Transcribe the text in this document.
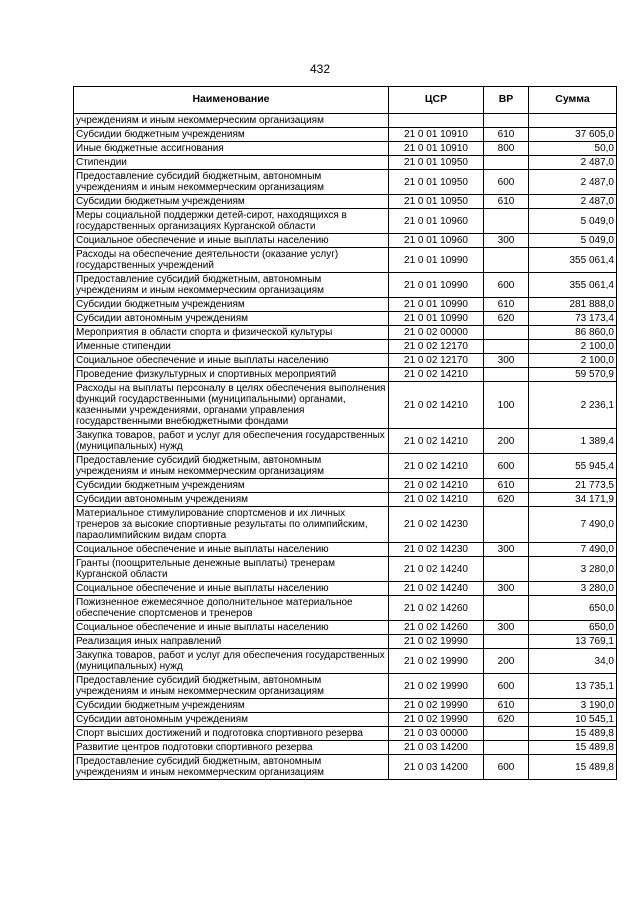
432
Наименование	ЦСР	ВР	Сумма
учреждениям и иным некоммерческим организациям			
Субсидии бюджетным учреждениям	21 0 01 10910	610	37 605,0
Иные бюджетные ассигнования	21 0 01 10910	800	50,0
Стипендии	21 0 01 10950		2 487,0
Предоставление субсидий бюджетным, автономным учреждениям и иным некоммерческим организациям	21 0 01 10950	600	2 487,0
Субсидии бюджетным учреждениям	21 0 01 10950	610	2 487,0
Меры социальной поддержки детей-сирот, находящихся в государственных организациях Курганской области	21 0 01 10960		5 049,0
Социальное обеспечение и иные выплаты населению	21 0 01 10960	300	5 049,0
Расходы на обеспечение деятельности (оказание услуг) государственных учреждений	21 0 01 10990		355 061,4
Предоставление субсидий бюджетным, автономным учреждениям и иным некоммерческим организациям	21 0 01 10990	600	355 061,4
Субсидии бюджетным учреждениям	21 0 01 10990	610	281 888,0
Субсидии автономным учреждениям	21 0 01 10990	620	73 173,4
Мероприятия в области спорта и физической культуры	21 0 02 00000		86 860,0
Именные стипендии	21 0 02 12170		2 100,0
Социальное обеспечение и иные выплаты населению	21 0 02 12170	300	2 100,0
Проведение физкультурных и спортивных мероприятий	21 0 02 14210		59 570,9
Расходы на выплаты персоналу в целях обеспечения выполнения функций государственными (муниципальными) органами, казенными учреждениями, органами управления государственными внебюджетными фондами	21 0 02 14210	100	2 236,1
Закупка товаров, работ и услуг для обеспечения государственных (муниципальных) нужд	21 0 02 14210	200	1 389,4
Предоставление субсидий бюджетным, автономным учреждениям и иным некоммерческим организациям	21 0 02 14210	600	55 945,4
Субсидии бюджетным учреждениям	21 0 02 14210	610	21 773,5
Субсидии автономным учреждениям	21 0 02 14210	620	34 171,9
Материальное стимулирование спортсменов и их личных тренеров за высокие спортивные результаты по олимпийским, параолимпийским видам спорта	21 0 02 14230		7 490,0
Социальное обеспечение и иные выплаты населению	21 0 02 14230	300	7 490,0
Гранты (поощрительные денежные выплаты) тренерам Курганской области	21 0 02 14240		3 280,0
Социальное обеспечение и иные выплаты населению	21 0 02 14240	300	3 280,0
Пожизненное ежемесячное дополнительное материальное обеспечение спортсменов и тренеров	21 0 02 14260		650,0
Социальное обеспечение и иные выплаты населению	21 0 02 14260	300	650,0
Реализация иных направлений	21 0 02 19990		13 769,1
Закупка товаров, работ и услуг для обеспечения государственных (муниципальных) нужд	21 0 02 19990	200	34,0
Предоставление субсидий бюджетным, автономным учреждениям и иным некоммерческим организациям	21 0 02 19990	600	13 735,1
Субсидии бюджетным учреждениям	21 0 02 19990	610	3 190,0
Субсидии автономным учреждениям	21 0 02 19990	620	10 545,1
Спорт высших достижений и подготовка спортивного резерва	21 0 03 00000		15 489,8
Развитие центров подготовки спортивного резерва	21 0 03 14200		15 489,8
Предоставление субсидий бюджетным, автономным учреждениям и иным некоммерческим организациям	21 0 03 14200	600	15 489,8
